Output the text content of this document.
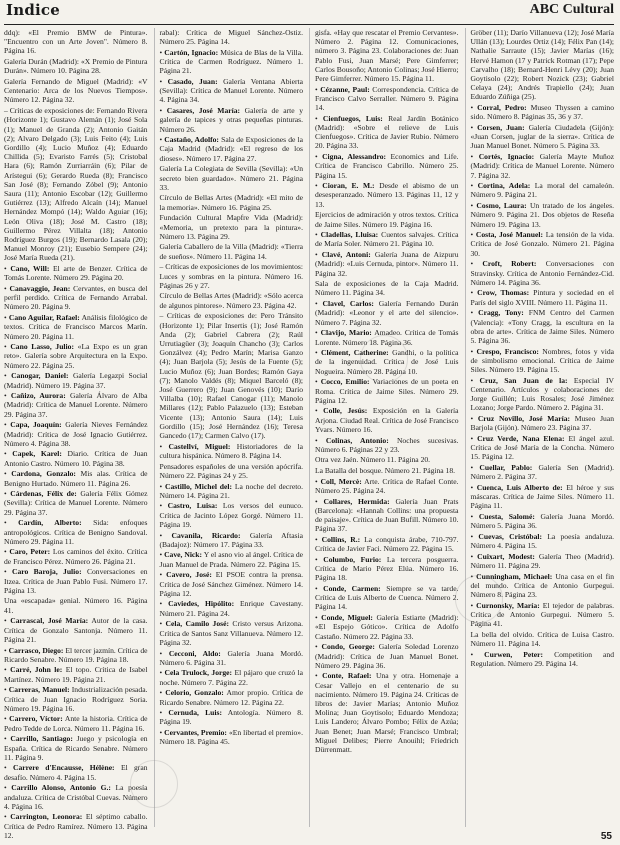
Indice	ABC Cultural

ddq): «El Premio BMW de Pintura». "Encuentro con un Arte Joven". Número 8. Página 16.

Galería Durán (Madrid): «X Premio de Pintura Durán». Número 10. Página 28.

Galería Fernando de Miguel (Madrid): «V Centenario: Arca de los Nuevos Tiempos». Número 12. Página 32.

– Críticas de exposiciones de: Fernando Rivera (Horizonte 1); Gustavo Alemán (1); José Sola (1); Manuel de Granda (2); Antonio Gaitán (2); Alvaro Delgado (3); Luis Feito (4); Luis Gordillo (4); Lucio Muñoz (4); Eduardo Chillida (5); Evaristo Farrés (5); Cristobal Hara (6); Ramón Zurriarráin (6); Pilar de Arístegui (6); Gerardo Rueda (8); Francisco San José (8); Fernando Zóbel (9); Antonio Saura (11); Antonio Escobar (12); Guillermo Gutiérrez (13); Alfredo Alcaín (14); Manuel Hernández Mompó (14); Waldo Aguiar (16); León Oliva (18); José M. Castro (18); Guillermo Pérez Villalta (18); Antonio Rodríguez Burgos (19); Bernardo Lasala (20); Manuel Monroy (21); Eusebio Sempere (24); José María Rueda (21).

• Cano, Will: El arte de Benzer. Crítica de Tomás Lorente. Número 29. Página 20.

• Canavaggio, Jean: Cervantes, en busca del perfil perdido. Crítica de Fernando Arrabal. Número 20. Página 9.

• Cano Aguilar, Rafael: Análisis filológico de textos. Crítica de Francisco Marcos Marín. Número 20. Página 11.

• Cano Lasso, Julio: «La Expo es un gran reto». Galería sobre Arquitectura en la Expo. Número 22. Página 25.

• Canogar, Daniel: Galería Legazpi Social (Madrid). Número 19. Página 37.

• Cañizo, Aurora: Galería Álvaro de Alba (Madrid): Crítica de Manuel Lorente. Número 29. Página 37.

• Capa, Joaquín: Galería Nieves Fernández (Madrid): Crítica de José Ignacio Gutiérrez. Número 4. Página 38.

• Capek, Karel: Diario. Crítica de Juan Antonio Castro. Número 10. Página 38.

• Cardona, Gonzalo: Mis alas. Crítica de Benigno Hurtado. Número 11. Página 26.

• Cárdenas, Félix de: Galería Félix Gómez (Sevilla): Crítica de Manuel Lorente. Número 29. Página 37.

• Cardín, Alberto: Sida: enfoques antropológicos. Crítica de Benigno Sandoval. Número 29. Página 11.

• Caro, Peter: Los caminos del éxito. Crítica de Francisco Pérez. Número 26. Página 21.

• Caro Baroja, Julio: Conversaciones en Itzea. Crítica de Juan Pablo Fusi. Número 17. Página 13.

Una «escapada» genial. Número 16. Página 41.

• Carrascal, José María: Autor de la casa. Crítica de Gonzalo Santonja. Número 11. Página 21.

• Carrasco, Diego: El tercer jazmín. Crítica de Ricardo Senabre. Número 19. Página 18.

• Carré, John le: El topo. Crítica de Isabel Martínez. Número 19. Página 21.

• Carreras, Manuel: Industrialización pesada. Crítica de Juan Ignacio Rodríguez Soria. Número 19. Página 16.

• Carrero, Víctor: Ante la historia. Crítica de Pedro Tedde de Lorca. Número 11. Página 16.

• Carrillo, Santiago: Juego y psicología en España. Crítica de Ricardo Senabre. Número 11. Página 9.

• Carrere d'Encausse, Hélène: El gran desafío. Número 4. Página 15.

• Carrillo Alonso, Antonio G.: La poesía andaluza. Crítica de Cristóbal Cuevas. Número 4. Página 16.

• Carrington, Leonora: El séptimo caballo. Crítica de Pedro Ramírez. Número 13. Página 12.

rabal): Crítica de Miguel Sánchez-Ostiz. Número 25. Página 14.

• Cartón, Ignacio: Música de Blas de la Villa. Crítica de Carmen Rodríguez. Número 1. Página 21.

• Casado, Juan: Galería Ventana Abierta (Sevilla): Crítica de Manuel Lorente. Número 4. Página 34.

• Casares, José María: Galería de arte y galería de tapices y otras pequeñas pinturas. Número 26.

• Castaño, Adolfo: Sala de Exposiciones de la Caja Madrid (Madrid): «El regreso de los dioses». Número 17. Página 27.

Galería La Colegiata de Sevilla (Sevilla): «Un secreto bien guardado». Número 21. Página 33.

Círculo de Bellas Artes (Madrid): «El mito de la memoria». Número 16. Página 25.

Fundación Cultural Mapfre Vida (Madrid): «Memoria, un pretexto para la pintura». Número 13. Página 29.

Galería Caballero de la Villa (Madrid): «Tierra de sueños». Número 11. Página 14.

– Críticas de exposiciones de los movimientos: Luces y sombras en la pintura. Número 16. Páginas 26 y 27.

Círculo de Bellas Artes (Madrid): «Sólo acerca de algunos pintores». Número 23. Página 42.

– Críticas de exposiciones de: Pero Tránsito (Horizonte 1); Pilar Insertis (1); José Ramón Anda (2); Gabriel Cabrera (2); Raúl Urrutiagüer (3); Joaquín Chancho (3); Carlos Gonzálvez (4); Pedro Marín; Marisa Ganzo (4); Juan Barjola (5); Jesús de la Fuente (5); Lucio Muñoz (6); Juan Bordes; Ramón Gaya (7); Manolo Valdés (8); Miquel Barceló (8); José Guerrero (9); Juan Genovés (10); Darío Villalba (10); Rafael Canogar (11); Manolo Millares (12); Pablo Palazuelo (13); Esteban Vicente (13); Antonio Saura (14); Luis Gordillo (15); José Hernández (16); Teresa Gancedo (17); Carmen Calvo (17).

• Castellví, Miguel: Historiadores de la cultura hispánica. Número 8. Página 14.

Pensadores españoles de una versión apócrifa. Número 22. Páginas 24 y 25.

• Castillo, Michel del: La noche del decreto. Número 14. Página 21.

• Castro, Luisa: Los versos del eunuco. Crítica de Jacinto López Gorgé. Número 11. Página 19.

• Cavanila, Ricardo: Galería Aftasia (Badajoz): Número 17. Página 33.

• Cave, Nick: Y el asno vio al ángel. Crítica de Juan Manuel de Prada. Número 22. Página 15.

• Cavero, José: El PSOE contra la prensa. Crítica de José Sánchez Giménez. Número 14. Página 12.

• Caviedes, Hipólito: Enrique Cavestany. Número 21. Página 24.

• Cela, Camilo José: Cristo versus Arizona. Crítica de Santos Sanz Villanueva. Número 12. Página 32.

• Cecconi, Aldo: Galería Juana Mordó. Número 6. Página 31.

• Cela Trulock, Jorge: El pájaro que cruzó la noche. Número 7. Página 22.

• Celorio, Gonzalo: Amor propio. Crítica de Ricardo Senabre. Número 12. Página 22.

• Cernuda, Luis: Antología. Número 8. Página 19.

• Cervantes, Premio: «En libertad el premio». Número 18. Página 45.

gisfa. «Hay que rescatar el Premio Cervantes». Número 2. Página 12. Comunicaciones, número 3. Página 23. Colaboraciones de: Juan Pablo Fusi, Juan Marsé; Pere Gimferrer; Carlos Bousoño; Antonio Colinas; José Hierro; Pere Gimferrer. Número 15. Página 11.

• Cézanne, Paul: Correspondencia. Crítica de Francisco Calvo Serraller. Número 9. Página 14.

• Cienfuegos, Luis: Real Jardín Botánico (Madrid): «Sobre el relieve de Luis Cienfuegos». Crítica de Javier Rubio. Número 20. Página 33.

• Cigna, Alessandro: Economics and Life. Crítica de Francisco Cabrillo. Número 25. Página 15.

• Cioran, E. M.: Desde el abismo de un desesperanzado. Número 13. Páginas 11, 12 y 13.

Ejercicios de admiración y otros textos. Crítica de Jaime Siles. Número 19. Página 16.

• Cladellas, Lluisa: Cuentos salvajes. Crítica de María Soler. Número 21. Página 10.

• Clavé, Antoni: Galería Juana de Aizpuru (Madrid): «Luis Cernuda, pintor». Número 11. Página 32.

Sala de exposiciones de la Caja Madrid. Número 11. Página 34.

• Clavel, Carlos: Galería Fernando Durán (Madrid): «Leonor y el arte del silencio». Número 7. Página 32.

• Clavijo, Mario: Amadeo. Crítica de Tomás Lorente. Número 18. Página 36.

• Clément, Catherine: Gandhi, o la política de la ingenuidad. Crítica de José Luis Nogueira. Número 28. Página 10.

• Cocco, Emilio: Variaciones de un poeta en Roma. Crítica de Jaime Siles. Número 29. Página 12.

• Colle, Jesús: Exposición en la Galería Arjona. Ciudad Real. Crítica de José Francisco Yvars. Número 16.

• Colinas, Antonio: Noches sucesivas. Número 6. Páginas 22 y 23.

Otra vez Jaén. Número 11. Página 20.

La Batalla del bosque. Número 21. Página 18.

• Coll, Mercè: Arte. Crítica de Rafael Conte. Número 25. Página 24.

• Collares, Hermida: Galería Juan Prats (Barcelona): «Hannah Collins: una propuesta de paisaje». Crítica de Juan Bufill. Número 10. Página 37.

• Collins, R.: La conquista árabe, 710-797. Crítica de Javier Faci. Número 22. Página 15.

• Columbo, Furio: La tercera posguerra. Crítica de Mario Pérez Elúa. Número 16. Página 18.

• Conde, Carmen: Siempre se va tarde. Crítica de Luis Alberto de Cuenca. Número 2. Página 14.

• Conde, Miguel: Galería Estiarte (Madrid): «El Espejo Gótico». Crítica de Adolfo Castaño. Número 22. Página 33.

• Condo, George: Galería Soledad Lorenzo (Madrid): Crítica de Juan Manuel Bonet. Número 29. Página 36.

• Conte, Rafael: Una y otra. Homenaje a Cesar Vallejo en el centenario de su nacimiento. Número 19. Página 24. Críticas de libros de: Javier Marías; Antonio Muñoz Molina; Juan Goytisolo; Eduardo Mendoza; Luis Landero; Álvaro Pombo; Félix de Azúa; Juan Benet; Juan Marsé; Francisco Umbral; Miguel Delibes; Pierre Anouihl; Friedrich Dürrenmatt.

Gröber (11); Darío Villanueva (12); José María Ullán (13); Lourdes Ortiz (14); Félix Pan (14); Nathalie Sarraute (15); Javier Marías (16); Hervé Hamon (17 y Patrick Rotman (17); Pepe Carvalho (18); Bernard-Henri Lévy (20); Juan Goytisolo (22); Robert Nozick (23); Gabriel Celaya (24); Andrés Trapiello (24); Juan Eduardo Zúñiga (25).

• Corral, Pedro: Museo Thyssen a camino sido. Número 8. Páginas 35, 36 y 37.

• Corsen, Juan: Galería Ciudadela (Gijón): «Juan Corsen, juglar de la sierra». Crítica de Juan Manuel Bonet. Número 5. Página 33.

• Cortés, Ignacio: Galería Mayte Muñoz (Madrid): Crítica de Manuel Lorente. Número 7. Página 32.

• Cortina, Adela: La moral del camaleón. Número 9. Página 21.

• Cosmo, Laura: Un tratado de los ángeles. Número 9. Página 21. Dos objetos de Reseña Número 19. Página 13.

• Costa, José Manuel: La tensión de la vida. Crítica de José Gonzalo. Número 21. Página 30.

• Croft, Robert: Conversaciones con Stravinsky. Crítica de Antonio Fernández-Cid. Número 14. Página 36.

• Crow, Thomas: Pintura y sociedad en el París del siglo XVIII. Número 11. Página 11.

• Cragg, Tony: FNM Centro del Carmen (Valencia): «Tony Cragg, la escultura en la obra de arte». Crítica de Jaime Siles. Número 5. Página 36.

• Crespo, Francisco: Nombres, fotos y vida de simbolismo emocional. Crítica de Jaime Siles. Número 19. Página 15.

• Cruz, San Juan de la: Especial IV Centenario. Artículos y colaboraciones de: Jorge Guillén; Luis Rosales; José Jiménez Lozano; Jorge Pardo. Número 2. Página 31.

• Cruz Novillo, José María: Museo Juan Barjola (Gijón). Número 23. Página 37.

• Cruz Verde, Nana Elena: El ángel azul. Crítica de José María de la Concha. Número 15. Página 12.

• Cuellar, Pablo: Galería Sen (Madrid). Número 2. Página 37.

• Cuenca, Luis Alberto de: El héroe y sus máscaras. Crítica de Jaime Siles. Número 11. Página 11.

• Cuesta, Salomé: Galería Juana Mordó. Número 5. Página 36.

• Cuevas, Cristóbal: La poesía andaluza. Número 4. Página 15.

• Cuixart, Modest: Galería Theo (Madrid). Número 11. Página 29.

• Cunningham, Michael: Una casa en el fin del mundo. Crítica de Antonio Gurpegui. Número 8. Página 23.

• Curnonsky, María: El tejedor de palabras. Crítica de Antonio Gurpegui. Número 5. Página 41.

La bella del olvido. Crítica de Luisa Castro. Número 11. Página 14.

• Curwen, Peter: Competition and Regulation. Número 29. Página 14.

55
